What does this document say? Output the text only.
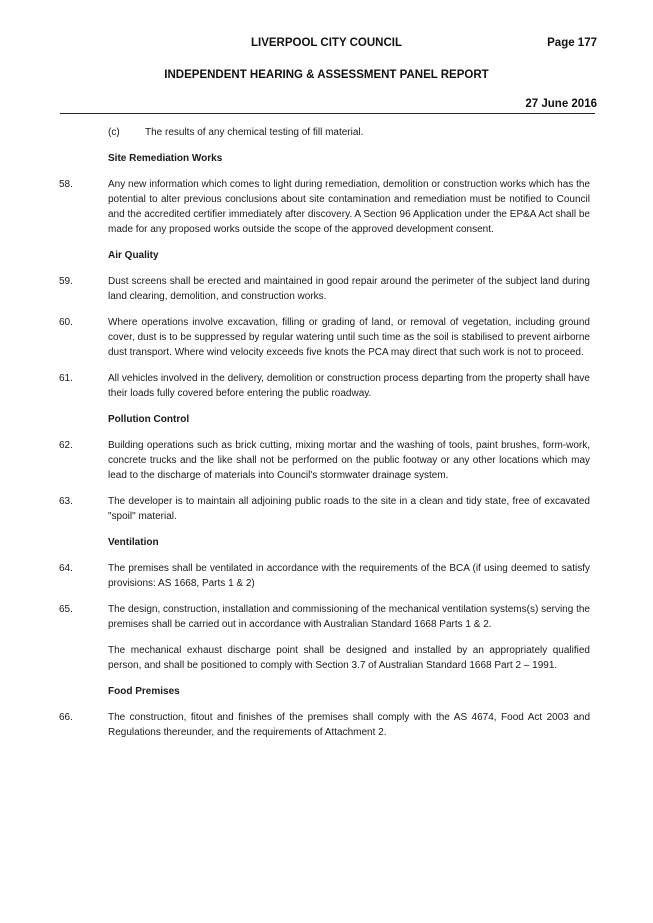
LIVERPOOL CITY COUNCIL	Page 177
INDEPENDENT HEARING & ASSESSMENT PANEL REPORT
27 June 2016
(c)	The results of any chemical testing of fill material.
Site Remediation Works
58.	Any new information which comes to light during remediation, demolition or construction works which has the potential to alter previous conclusions about site contamination and remediation must be notified to Council and the accredited certifier immediately after discovery. A Section 96 Application under the EP&A Act shall be made for any proposed works outside the scope of the approved development consent.
Air Quality
59.	Dust screens shall be erected and maintained in good repair around the perimeter of the subject land during land clearing, demolition, and construction works.
60.	Where operations involve excavation, filling or grading of land, or removal of vegetation, including ground cover, dust is to be suppressed by regular watering until such time as the soil is stabilised to prevent airborne dust transport. Where wind velocity exceeds five knots the PCA may direct that such work is not to proceed.
61.	All vehicles involved in the delivery, demolition or construction process departing from the property shall have their loads fully covered before entering the public roadway.
Pollution Control
62.	Building operations such as brick cutting, mixing mortar and the washing of tools, paint brushes, form-work, concrete trucks and the like shall not be performed on the public footway or any other locations which may lead to the discharge of materials into Council's stormwater drainage system.
63.	The developer is to maintain all adjoining public roads to the site in a clean and tidy state, free of excavated "spoil" material.
Ventilation
64.	The premises shall be ventilated in accordance with the requirements of the BCA (if using deemed to satisfy provisions: AS 1668, Parts 1 & 2)
65.	The design, construction, installation and commissioning of the mechanical ventilation systems(s) serving the premises shall be carried out in accordance with Australian Standard 1668 Parts 1 & 2.
The mechanical exhaust discharge point shall be designed and installed by an appropriately qualified person, and shall be positioned to comply with Section 3.7 of Australian Standard 1668 Part 2 – 1991.
Food Premises
66.	The construction, fitout and finishes of the premises shall comply with the AS 4674, Food Act 2003 and Regulations thereunder, and the requirements of Attachment 2.
